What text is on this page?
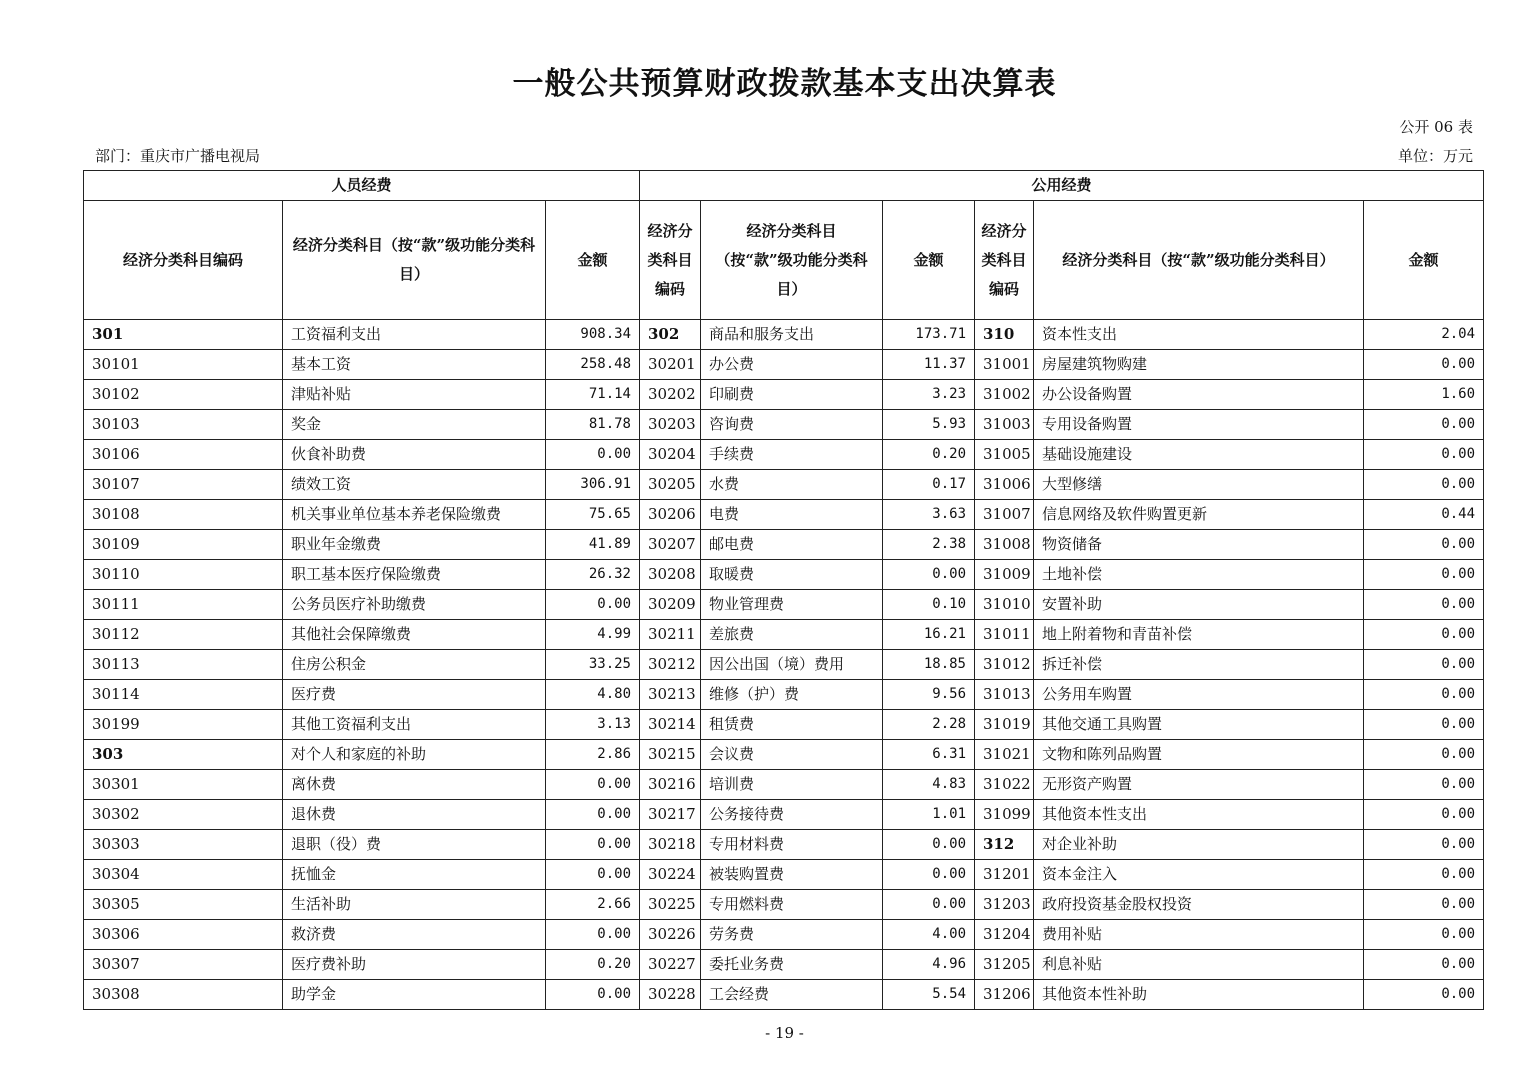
一般公共预算财政拨款基本支出决算表
公开 06 表
部门：重庆市广播电视局	单位：万元
人员经费			公用经费					
经济分类科目编码	经济分类科目（按“款”级功能分类科目）	金额	经济分类科目编码	经济分类科目（按“款”级功能分类科目）	金额	经济分类科目编码	经济分类科目（按“款”级功能分类科目）	金额
301	工资福利支出	908.34	302	商品和服务支出	173.71	310	资本性支出	2.04
30101	基本工资	258.48	30201	办公费	11.37	31001	房屋建筑物购建	0.00
30102	津贴补贴	71.14	30202	印刷费	3.23	31002	办公设备购置	1.60
30103	奖金	81.78	30203	咨询费	5.93	31003	专用设备购置	0.00
30106	伙食补助费	0.00	30204	手续费	0.20	31005	基础设施建设	0.00
30107	绩效工资	306.91	30205	水费	0.17	31006	大型修缮	0.00
30108	机关事业单位基本养老保险缴费	75.65	30206	电费	3.63	31007	信息网络及软件购置更新	0.44
30109	职业年金缴费	41.89	30207	邮电费	2.38	31008	物资储备	0.00
30110	职工基本医疗保险缴费	26.32	30208	取暖费	0.00	31009	土地补偿	0.00
30111	公务员医疗补助缴费	0.00	30209	物业管理费	0.10	31010	安置补助	0.00
30112	其他社会保障缴费	4.99	30211	差旅费	16.21	31011	地上附着物和青苗补偿	0.00
30113	住房公积金	33.25	30212	因公出国（境）费用	18.85	31012	拆迁补偿	0.00
30114	医疗费	4.80	30213	维修（护）费	9.56	31013	公务用车购置	0.00
30199	其他工资福利支出	3.13	30214	租赁费	2.28	31019	其他交通工具购置	0.00
303	对个人和家庭的补助	2.86	30215	会议费	6.31	31021	文物和陈列品购置	0.00
30301	离休费	0.00	30216	培训费	4.83	31022	无形资产购置	0.00
30302	退休费	0.00	30217	公务接待费	1.01	31099	其他资本性支出	0.00
30303	退职（役）费	0.00	30218	专用材料费	0.00	312	对企业补助	0.00
30304	抚恤金	0.00	30224	被装购置费	0.00	31201	资本金注入	0.00
30305	生活补助	2.66	30225	专用燃料费	0.00	31203	政府投资基金股权投资	0.00
30306	救济费	0.00	30226	劳务费	4.00	31204	费用补贴	0.00
30307	医疗费补助	0.20	30227	委托业务费	4.96	31205	利息补贴	0.00
30308	助学金	0.00	30228	工会经费	5.54	31206	其他资本性补助	0.00
- 19 -
